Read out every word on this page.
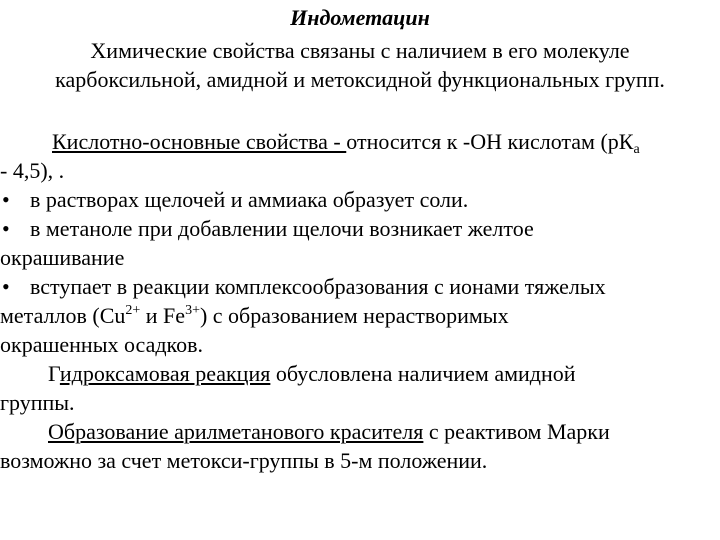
Индометацин
Химические свойства связаны с наличием в его молекуле
карбоксильной, амидной и метоксидной функциональных групп.
Кислотно-основные свойства - относится к -ОН кислотам ($рК_a$
- 4,5), .
• в растворах щелочей и аммиака образует соли.
• в метаноле при добавлении щелочи возникает желтое
окрашивание
• вступает в реакции комплексообразования с ионами тяжелых
металлов ($Cu^{2+}$ и $Fe^{3+}$) с образованием нерастворимых
окрашенных осадков.
Гидроксамовая реакция обусловлена наличием амидной
группы.
Образование арилметанового красителя с реактивом Марки
возможно за счет метокси-группы в 5-м положении.
